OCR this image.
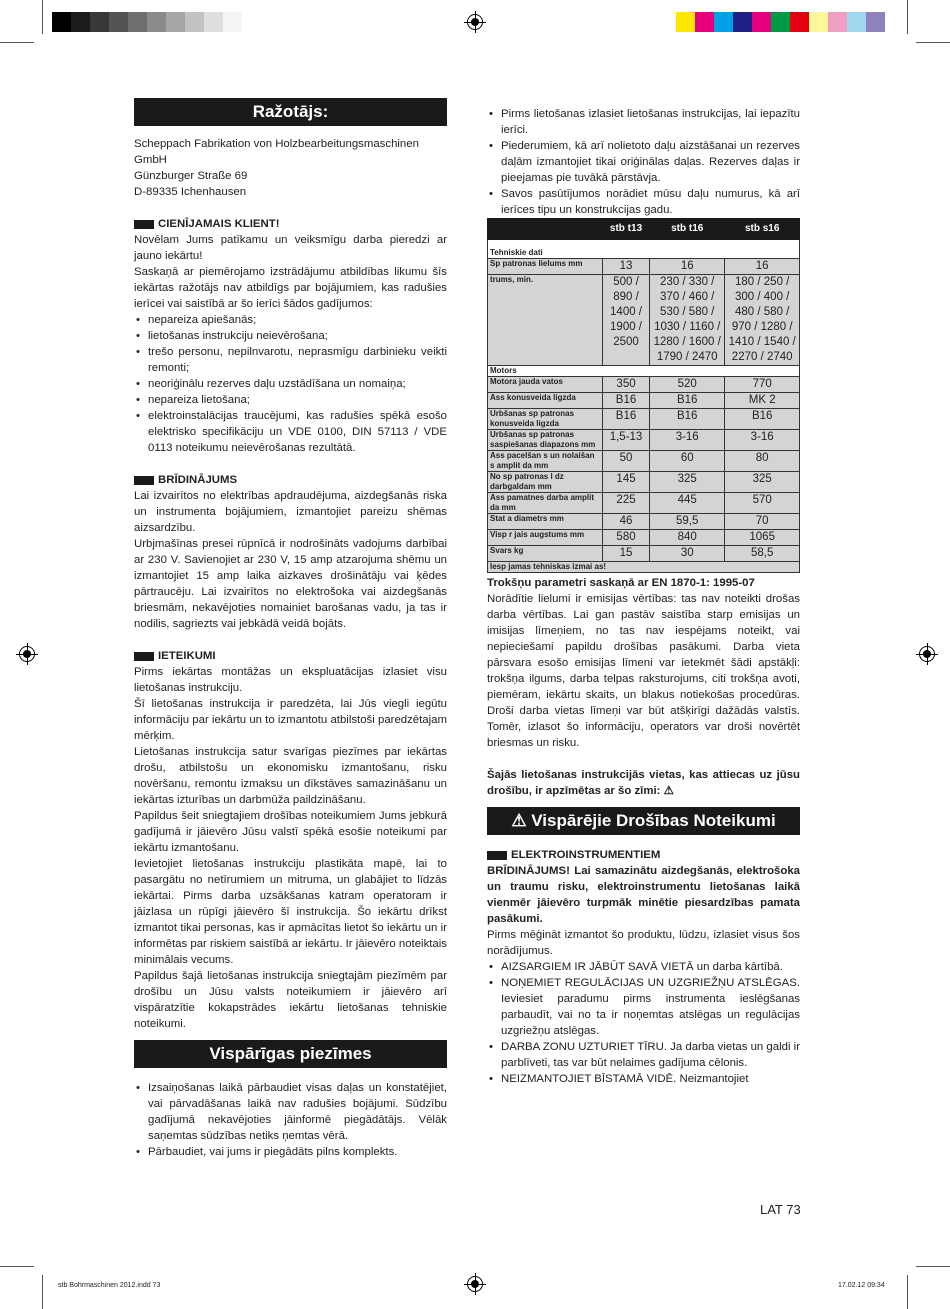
Ražotājs:
Scheppach Fabrikation von Holzbearbeitungsmaschinen GmbH
Günzburger Straße 69
D-89335 Ichenhausen
CIENĪJAMAIS KLIENT!

Novēlam Jums patīkamu un veiksmīgu darba pieredzi ar jauno iekārtu!

Saskaņā ar piemērojamo izstrādājumu atbildības likumu šīs iekārtas ražotājs nav atbildīgs par bojājumiem, kas radušies ierīcei vai saistībā ar šo ierīci šādos gadījumos:

• nepareiza apiešanās;
• lietošanas instrukciju neievērošana;
• trešo personu, nepilnvarotu, neprasmīgu darbinieku veikti remonti;
• neoriģinālu rezerves daļu uzstādīšana un nomaiņa;
• nepareiza lietošana;
• elektroinstalācijas traucējumi, kas radušies spēkā esošo elektrisko specifikāciju un VDE 0100, DIN 57113 / VDE 0113 noteikumu neievērošanas rezultātā.
BRĪDINĀJUMS

Lai izvairītos no elektrības apdraudējuma, aizdegšanās riska un instrumenta bojājumiem, izmantojiet pareizu shēmas aizsardzību.

Urbjmašīnas presei rūpnīcā ir nodrošināts vadojums darbībai ar 230 V. Savienojiet ar 230 V, 15 amp atzarojuma shēmu un izmantojiet 15 amp laika aizkaves drošinātāju vai ķēdes pārtraucēju. Lai izvairītos no elektrošoka vai aizdegšanās briesmām, nekavējoties nomainiet barošanas vadu, ja tas ir nodilis, sagriezts vai jebkādā veidā bojāts.

IETEIKUMI

Pirms iekārtas montāžas un ekspluatācijas izlasiet visu lietošanas instrukciju.

Šī lietošanas instrukcija ir paredzēta, lai Jūs viegli iegūtu informāciju par iekārtu un to izmantotu atbilstoši paredzētajam mērķim.

Lietošanas instrukcija satur svarīgas piezīmes par iekārtas drošu, atbilstošu un ekonomisku izmantošanu, risku novēršanu, remontu izmaksu un dīkstāves samazināšanu un iekārtas izturības un darbmūža paildzināšanu.

Papildus šeit sniegtajiem drošības noteikumiem Jums jebkurā gadījumā ir jāievēro Jūsu valstī spēkā esošie noteikumi par iekārtu izmantošanu.

Ievietojiet lietošanas instrukciju plastikāta mapē, lai to pasargātu no netīrumiem un mitruma, un glabājiet to līdzās iekārtai. Pirms darba uzsākšanas katram operatoram ir jāizlasa un rūpīgi jāievēro šī instrukcija. Šo iekārtu drīkst izmantot tikai personas, kas ir apmācītas lietot šo iekārtu un ir informētas par riskiem saistībā ar iekārtu. Ir jāievēro noteiktais minimālais vecums.

Papildus šajā lietošanas instrukcija sniegtajām piezīmēm par drošību un Jūsu valsts noteikumiem ir jāievēro arī vispāratzītie kokapstrādes iekārtu lietošanas tehniskie noteikumi.

Vispārīgas piezīmes
• Izsaiņošanas laikā pārbaudiet visas daļas un konstatējiet, vai pārvadāšanas laikā nav radušies bojājumi. Sūdzību gadījumā nekavējoties jāinformē piegādātājs. Vēlāk saņemtas sūdzības netiks ņemtas vērā.
• Pārbaudiet, vai jums ir piegādāts pilns komplekts.
• Pirms lietošanas izlasiet lietošanas instrukcijas, lai iepazītu ierīci.
• Piederumiem, kā arī nolietoto daļu aizstāšanai un rezerves daļām izmantojiet tikai oriģinālas daļas. Rezerves daļas ir pieejamas pie tuvākā pārstāvja.
• Savos pasūtījumos norādiet mūsu daļu numurus, kā arī ierīces tipu un konstrukcijas gadu.
	stb t13	stb t16	stb s16
Tehniskie dati			
Sp patronas lielums mm	13	16	16
trums, min.	500 / 890 / 1400 / 1900 / 2500	230 / 330 / 370 / 460 / 530 / 580 / 1030 / 1160 / 1280 / 1600 / 1790 / 2470	180 / 250 / 300 / 400 / 480 / 580 / 970 / 1280 / 1410 / 1540 / 2270 / 2740
Motors			
Motora jauda vatos	350	520	770
Ass konusveida ligzda	B16	B16	MK 2
Urbšanas sp patronas konusveida ligzda	B16	B16	B16
Urbšanas sp patronas saspiešanas diapazons mm	1,5-13	3-16	3-16
Ass pacelšan s un nolaišan s amplit da mm	50	60	80
No sp patronas l dz darbgaldam mm	145	325	325
Ass pamatnes darba amplit da mm	225	445	570
Stat a diametrs mm	46	59,5	70
Visp r jais augstums mm	580	840	1065
Svars kg	15	30	58,5
Iesp jamas tehniskas izmai as!			
Trokšņu parametri saskaņā ar EN 1870-1: 1995-07

Norādītie lielumi ir emisijas vērtības: tas nav noteikti drošas darba vērtības. Lai gan pastāv saistība starp emisijas un imisijas līmeņiem, no tas nav iespējams noteikt, vai nepieciešami papildu drošības pasākumi. Darba vieta pārsvara esošo emisijas līmeni var ietekmēt šādi apstākļi: trokšņa ilgums, darba telpas raksturojums, citi trokšņa avoti, piemēram, iekārtu skaits, un blakus notiekošas procedūras. Droši darba vietas līmeņi var būt atšķirīgi dažādās valstīs. Tomēr, izlasot šo informāciju, operators var droši novērtēt briesmas un risku.

Šajās lietošanas instrukcijās vietas, kas attiecas uz jūsu drošību, ir apzīmētas ar šo zīmi: ⚠

⚠ Vispārējie Drošības Noteikumi
ELEKTROINSTRUMENTIEM

BRĪDINĀJUMS! Lai samazinātu aizdegšanās, elektrošoka un traumu risku, elektroinstrumentu lietošanas laikā vienmēr jāievēro turpmāk minētie piesardzības pamata pasākumi.

Pirms mēģināt izmantot šo produktu, lūdzu, izlasiet visus šos norādījumus.

• AIZSARGIEM IR JĀBŪT SAVĀ VIETĀ un darba kārtībā.
• NOŅEMIET REGULĀCIJAS UN UZGRIEŽŅU ATSLĒGAS. Ieviesiet paradumu pirms instrumenta ieslēgšanas parbaudīt, vai no ta ir noņemtas atslēgas un regulācijas uzgriežņu atslēgas.
• DARBA ZONU UZTURIET TĪRU. Ja darba vietas un galdi ir parblīveti, tas var būt nelaimes gadījuma cēlonis.
• NEIZMANTOJIET BĪSTAMĀ VIDĒ. Neizmantojiet
LAT 73
stb Bohrmaschinen 2012.indd 73	17.02.12 09:34
